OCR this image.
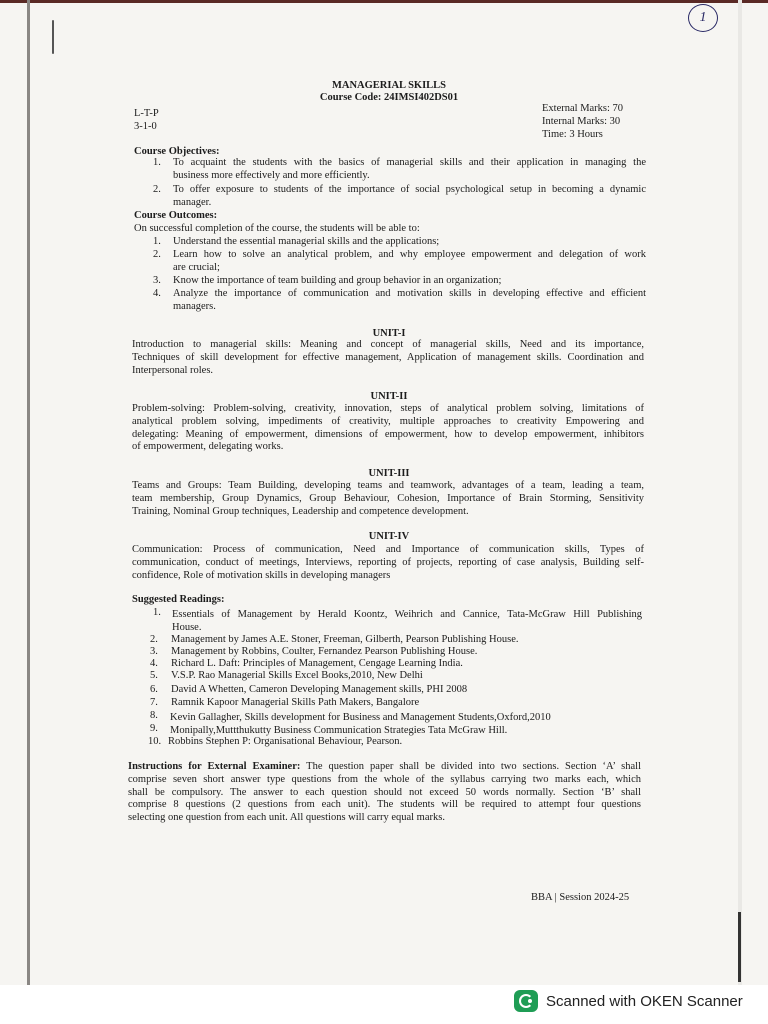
1
MANAGERIAL SKILLS
Course Code: 24IMSI402DS01
L-T-P
3-1-0
External Marks: 70
Internal Marks: 30
Time: 3 Hours
Course Objectives:
1. To acquaint the students with the basics of managerial skills and their application in managing the
business more effectively and more efficiently.
2. To offer exposure to students of the importance of social psychological setup in becoming a dynamic
manager.
Course Outcomes:
On successful completion of the course, the students will be able to:
1. Understand the essential managerial skills and the applications;
2. Learn how to solve an analytical problem, and why employee empowerment and delegation of work
are crucial;
3. Know the importance of team building and group behavior in an organization;
4. Analyze the importance of communication and motivation skills in developing effective and efficient
managers.
UNIT-I
Introduction to managerial skills: Meaning and concept of managerial skills, Need and its importance,
Techniques of skill development for effective management, Application of management skills. Coordination and
Interpersonal roles.
UNIT-II
Problem-solving: Problem-solving, creativity, innovation, steps of analytical problem solving, limitations of
analytical problem solving, impediments of creativity, multiple approaches to creativity Empowering and
delegating: Meaning of empowerment, dimensions of empowerment, how to develop empowerment, inhibitors
of empowerment, delegating works.
UNIT-III
Teams and Groups: Team Building, developing teams and teamwork, advantages of a team, leading a team,
team membership, Group Dynamics, Group Behaviour, Cohesion, Importance of Brain Storming, Sensitivity
Training, Nominal Group techniques, Leadership and competence development.
UNIT-IV
Communication: Process of communication, Need and Importance of communication skills, Types of
communication, conduct of meetings, Interviews, reporting of projects, reporting of case analysis, Building self-
confidence, Role of motivation skills in developing managers
Suggested Readings:
1. Essentials of Management by Herald Koontz, Weihrich and Cannice, Tata-McGraw Hill Publishing
House.
2. Management by James A.E. Stoner, Freeman, Gilberth, Pearson Publishing House.
3. Management by Robbins, Coulter, Fernandez Pearson Publishing House.
4. Richard L. Daft: Principles of Management, Cengage Learning India.
5. V.S.P. Rao Managerial Skills Excel Books,2010, New Delhi
6. David A Whetten, Cameron Developing Management skills, PHI 2008
7. Ramnik Kapoor Managerial Skills Path Makers, Bangalore
8. Kevin Gallagher, Skills development for Business and Management Students,Oxford,2010
9. Monipally,Muttthukutty Business Communication Strategies Tata McGraw Hill.
10. Robbins Stephen P: Organisational Behaviour, Pearson.
Instructions for External Examiner: The question paper shall be divided into two sections. Section ‘A’ shall
comprise seven short answer type questions from the whole of the syllabus carrying two marks each, which
shall be compulsory. The answer to each question should not exceed 50 words normally. Section ‘B’ shall
comprise 8 questions (2 questions from each unit). The students will be required to attempt four questions
selecting one question from each unit. All questions will carry equal marks.
BBA | Session 2024-25
Scanned with OKEN Scanner
